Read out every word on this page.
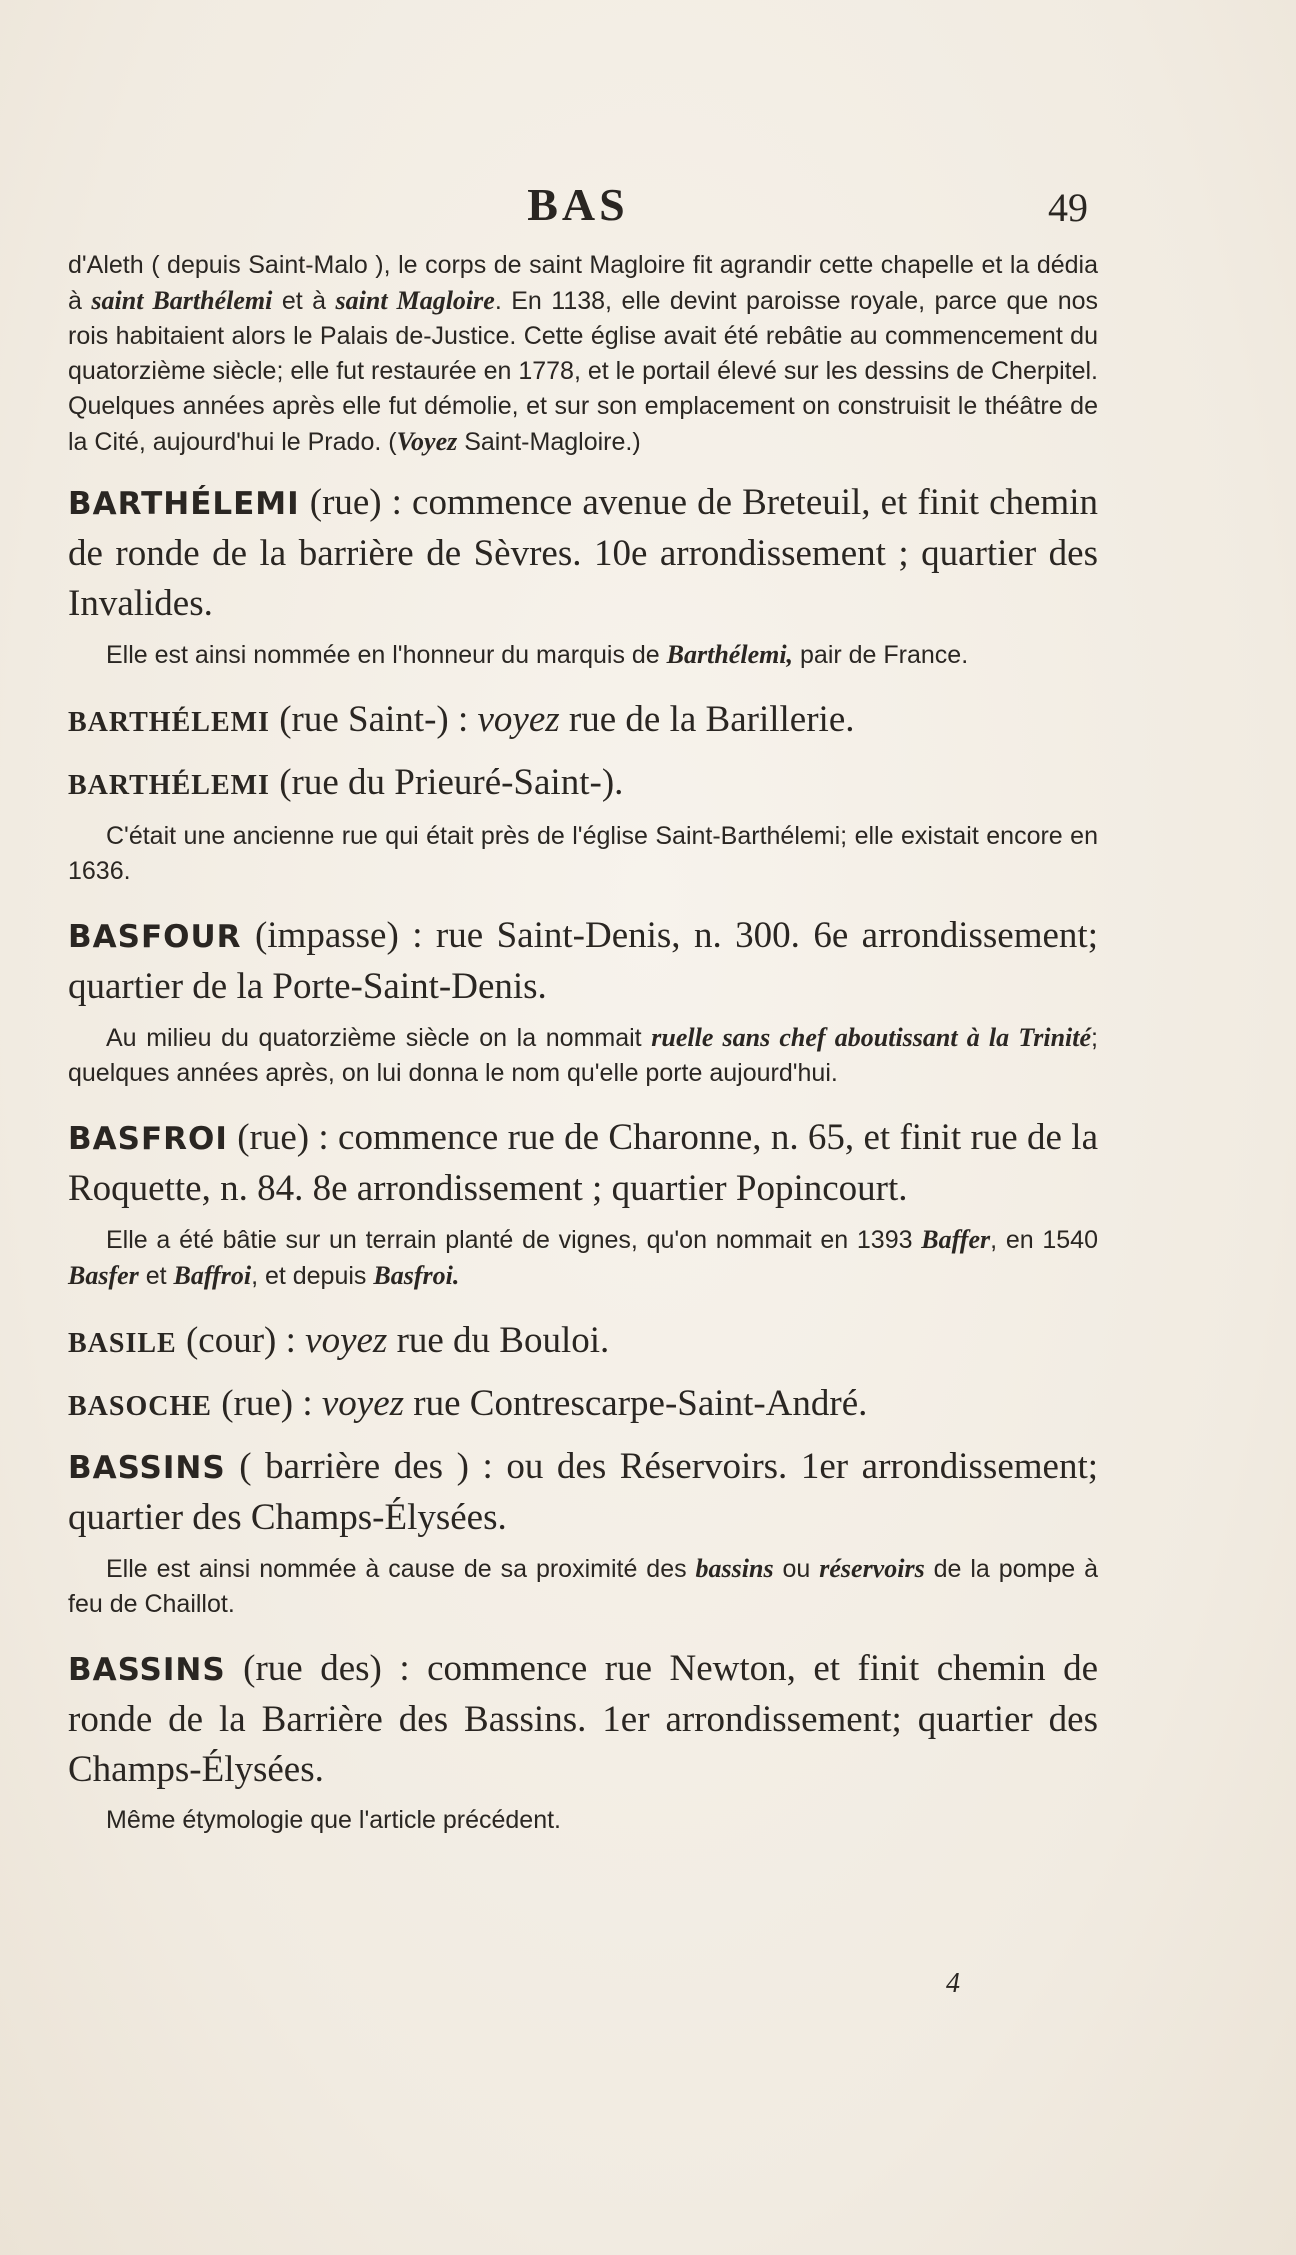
BAS	49

d'Aleth ( depuis Saint-Malo ), le corps de saint Magloire fit agrandir cette chapelle et la dédia à saint Barthélemi et à saint Magloire. En 1138, elle devint paroisse royale, parce que nos rois habitaient alors le Palais de-Justice. Cette église avait été rebâtie au commencement du quatorzième siècle; elle fut restaurée en 1778, et le portail élevé sur les dessins de Cherpitel. Quelques années après elle fut démolie, et sur son emplacement on construisit le théâtre de la Cité, aujourd'hui le Prado. (Voyez Saint-Magloire.)

BARTHÉLEMI (rue) : commence avenue de Breteuil, et finit chemin de ronde de la barrière de Sèvres. 10e arrondissement ; quartier des Invalides.

Elle est ainsi nommée en l'honneur du marquis de Barthélemi, pair de France.

BARTHÉLEMI (rue Saint-) : voyez rue de la Barillerie.

BARTHÉLEMI (rue du Prieuré-Saint-).

C'était une ancienne rue qui était près de l'église Saint-Barthélemi; elle existait encore en 1636.

BASFOUR (impasse) : rue Saint-Denis, n. 300. 6e arrondissement; quartier de la Porte-Saint-Denis.

Au milieu du quatorzième siècle on la nommait ruelle sans chef aboutissant à la Trinité; quelques années après, on lui donna le nom qu'elle porte aujourd'hui.

BASFROI (rue) : commence rue de Charonne, n. 65, et finit rue de la Roquette, n. 84. 8e arrondissement ; quartier Popincourt.

Elle a été bâtie sur un terrain planté de vignes, qu'on nommait en 1393 Baffer, en 1540 Basfer et Baffroi, et depuis Basfroi.

BASILE (cour) : voyez rue du Bouloi.

BASOCHE (rue) : voyez rue Contrescarpe-Saint-André.

BASSINS ( barrière des ) : ou des Réservoirs. 1er arrondissement; quartier des Champs-Élysées.

Elle est ainsi nommée à cause de sa proximité des bassins ou réservoirs de la pompe à feu de Chaillot.

BASSINS (rue des) : commence rue Newton, et finit chemin de ronde de la Barrière des Bassins. 1er arrondissement; quartier des Champs-Élysées.

Même étymologie que l'article précédent.

4
